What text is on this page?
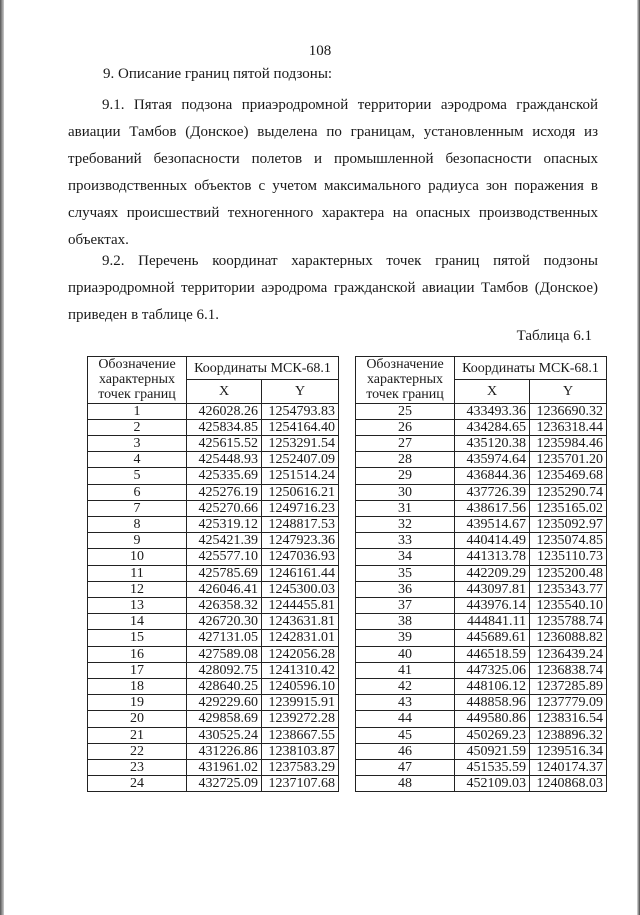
108
9. Описание границ пятой подзоны:
9.1. Пятая подзона приаэродромной территории аэродрома гражданской авиации Тамбов (Донское) выделена по границам, установленным исходя из требований безопасности полетов и промышленной безопасности опасных производственных объектов с учетом максимального радиуса зон поражения в случаях происшествий техногенного характера на опасных производственных объектах.
9.2. Перечень координат характерных точек границ пятой подзоны приаэродромной территории аэродрома гражданской авиации Тамбов (Донское) приведен в таблице 6.1.
Таблица 6.1
Обозначение характерных точек границ	Координаты МСК-68.1	
	X	Y
1	426028.26	1254793.83
2	425834.85	1254164.40
3	425615.52	1253291.54
4	425448.93	1252407.09
5	425335.69	1251514.24
6	425276.19	1250616.21
7	425270.66	1249716.23
8	425319.12	1248817.53
9	425421.39	1247923.36
10	425577.10	1247036.93
11	425785.69	1246161.44
12	426046.41	1245300.03
13	426358.32	1244455.81
14	426720.30	1243631.81
15	427131.05	1242831.01
16	427589.08	1242056.28
17	428092.75	1241310.42
18	428640.25	1240596.10
19	429229.60	1239915.91
20	429858.69	1239272.28
21	430525.24	1238667.55
22	431226.86	1238103.87
23	431961.02	1237583.29
24	432725.09	1237107.68
Обозначение характерных точек границ	Координаты МСК-68.1	
	X	Y
25	433493.36	1236690.32
26	434284.65	1236318.44
27	435120.38	1235984.46
28	435974.64	1235701.20
29	436844.36	1235469.68
30	437726.39	1235290.74
31	438617.56	1235165.02
32	439514.67	1235092.97
33	440414.49	1235074.85
34	441313.78	1235110.73
35	442209.29	1235200.48
36	443097.81	1235343.77
37	443976.14	1235540.10
38	444841.11	1235788.74
39	445689.61	1236088.82
40	446518.59	1236439.24
41	447325.06	1236838.74
42	448106.12	1237285.89
43	448858.96	1237779.09
44	449580.86	1238316.54
45	450269.23	1238896.32
46	450921.59	1239516.34
47	451535.59	1240174.37
48	452109.03	1240868.03
